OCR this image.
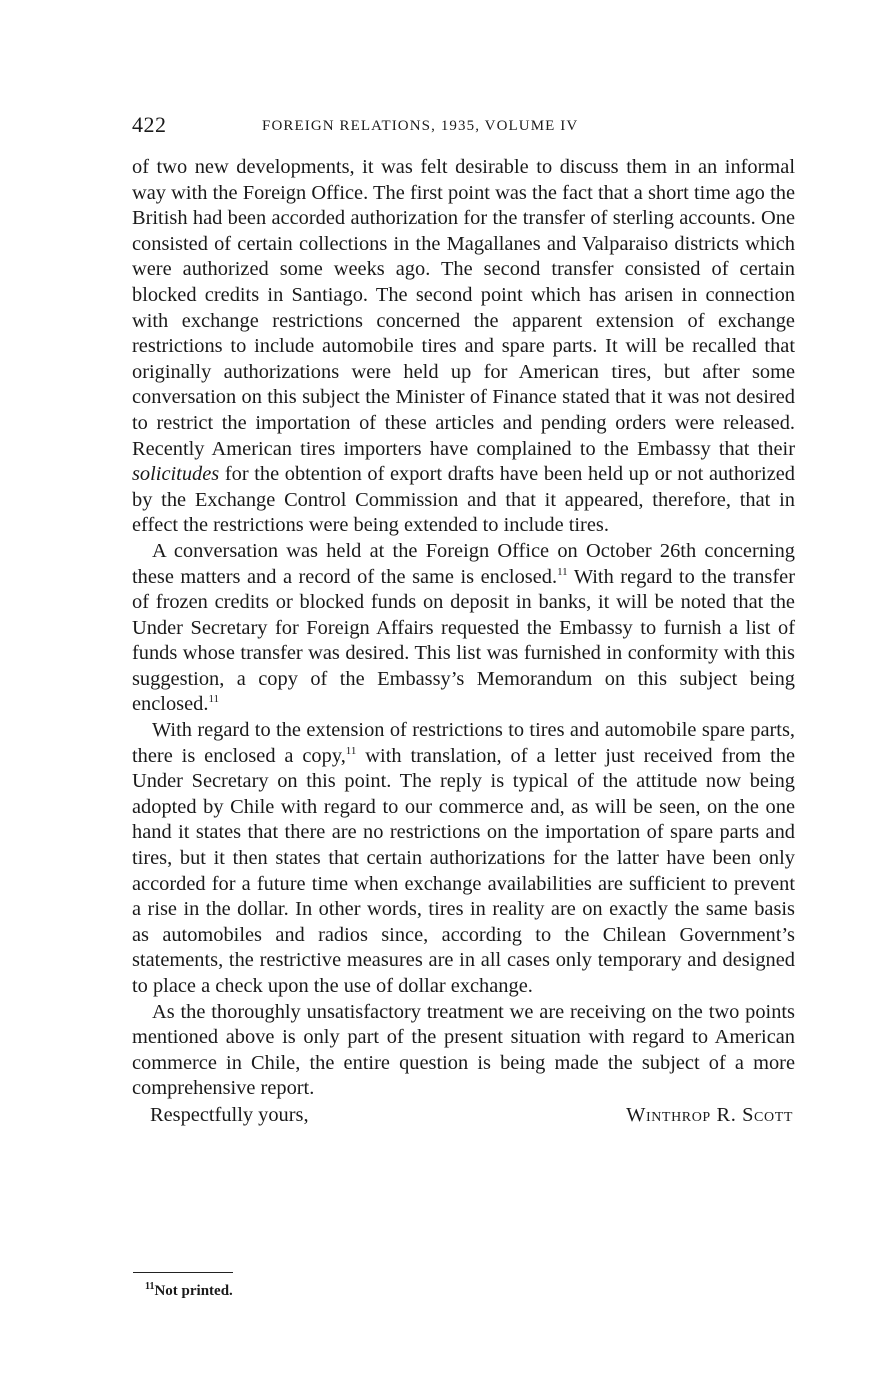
422	FOREIGN RELATIONS, 1935, VOLUME IV

of two new developments, it was felt desirable to discuss them in an informal way with the Foreign Office. The first point was the fact that a short time ago the British had been accorded authorization for the transfer of sterling accounts. One consisted of certain collections in the Magallanes and Valparaiso districts which were authorized some weeks ago. The second transfer consisted of certain blocked credits in Santiago. The second point which has arisen in connection with exchange restrictions concerned the apparent extension of exchange restrictions to include automobile tires and spare parts. It will be recalled that originally authorizations were held up for American tires, but after some conversation on this subject the Minister of Finance stated that it was not desired to restrict the importation of these articles and pending orders were released. Recently American tires importers have complained to the Embassy that their solicitudes for the obtention of export drafts have been held up or not authorized by the Exchange Control Commission and that it appeared, therefore, that in effect the restrictions were being extended to include tires.

A conversation was held at the Foreign Office on October 26th concerning these matters and a record of the same is enclosed.$^{11}$ With regard to the transfer of frozen credits or blocked funds on deposit in banks, it will be noted that the Under Secretary for Foreign Affairs requested the Embassy to furnish a list of funds whose transfer was desired. This list was furnished in conformity with this suggestion, a copy of the Embassy’s Memorandum on this subject being enclosed.$^{11}$

With regard to the extension of restrictions to tires and automobile spare parts, there is enclosed a copy,$^{11}$ with translation, of a letter just received from the Under Secretary on this point. The reply is typical of the attitude now being adopted by Chile with regard to our commerce and, as will be seen, on the one hand it states that there are no restrictions on the importation of spare parts and tires, but it then states that certain authorizations for the latter have been only accorded for a future time when exchange availabilities are sufficient to prevent a rise in the dollar. In other words, tires in reality are on exactly the same basis as automobiles and radios since, according to the Chilean Government’s statements, the restrictive measures are in all cases only temporary and designed to place a check upon the use of dollar exchange.

As the thoroughly unsatisfactory treatment we are receiving on the two points mentioned above is only part of the present situation with regard to American commerce in Chile, the entire question is being made the subject of a more comprehensive report.

Respectfully yours,	Winthrop R. Scott
$^{11}$Not printed.
